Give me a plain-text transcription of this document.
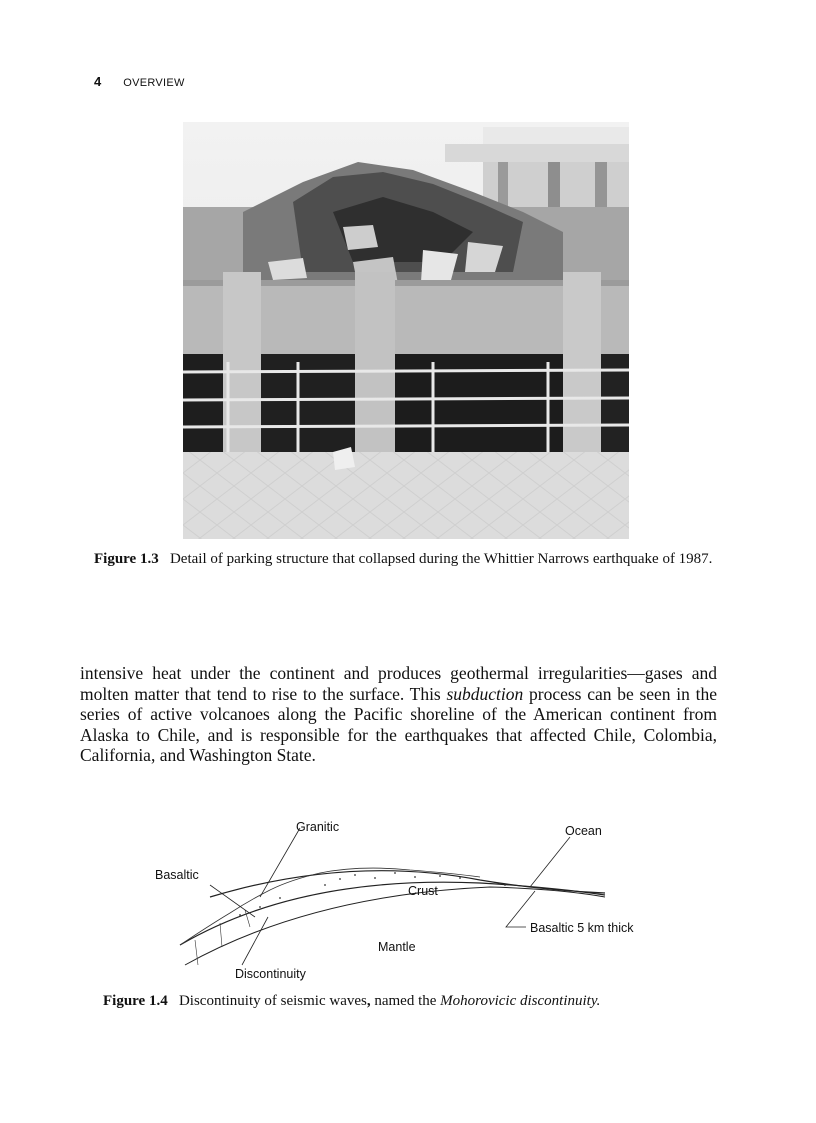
4 OVERVIEW
Figure 1.3 Detail of parking structure that collapsed during the Whittier Narrows earthquake of 1987.
intensive heat under the continent and produces geothermal irregularities—gases and molten matter that tend to rise to the surface. This subduction process can be seen in the series of active volcanoes along the Pacific shoreline of the American continent from Alaska to Chile, and is responsible for the earthquakes that affected Chile, Colombia, California, and Washington State.
Granitic	Ocean
Basaltic
Crust
Basaltic 5 km thick
Mantle
Discontinuity
Figure 1.4 Discontinuity of seismic waves, named the Mohorovicic discontinuity.
